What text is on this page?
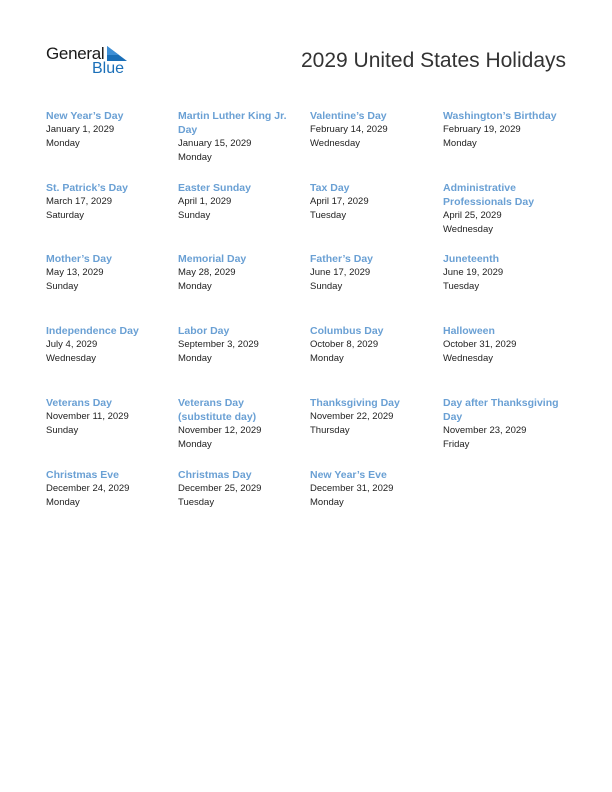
General
Blue	2029 United States Holidays
New Year’s Day
January 1, 2029
Monday
Martin Luther King Jr. Day
January 15, 2029
Monday
Valentine’s Day
February 14, 2029
Wednesday
Washington’s Birthday
February 19, 2029
Monday
St. Patrick’s Day
March 17, 2029
Saturday
Easter Sunday
April 1, 2029
Sunday
Tax Day
April 17, 2029
Tuesday
Administrative Professionals Day
April 25, 2029
Wednesday
Mother’s Day
May 13, 2029
Sunday
Memorial Day
May 28, 2029
Monday
Father’s Day
June 17, 2029
Sunday
Juneteenth
June 19, 2029
Tuesday
Independence Day
July 4, 2029
Wednesday
Labor Day
September 3, 2029
Monday
Columbus Day
October 8, 2029
Monday
Halloween
October 31, 2029
Wednesday
Veterans Day
November 11, 2029
Sunday
Veterans Day (substitute day)
November 12, 2029
Monday
Thanksgiving Day
November 22, 2029
Thursday
Day after Thanksgiving Day
November 23, 2029
Friday
Christmas Eve
December 24, 2029
Monday
Christmas Day
December 25, 2029
Tuesday
New Year’s Eve
December 31, 2029
Monday
